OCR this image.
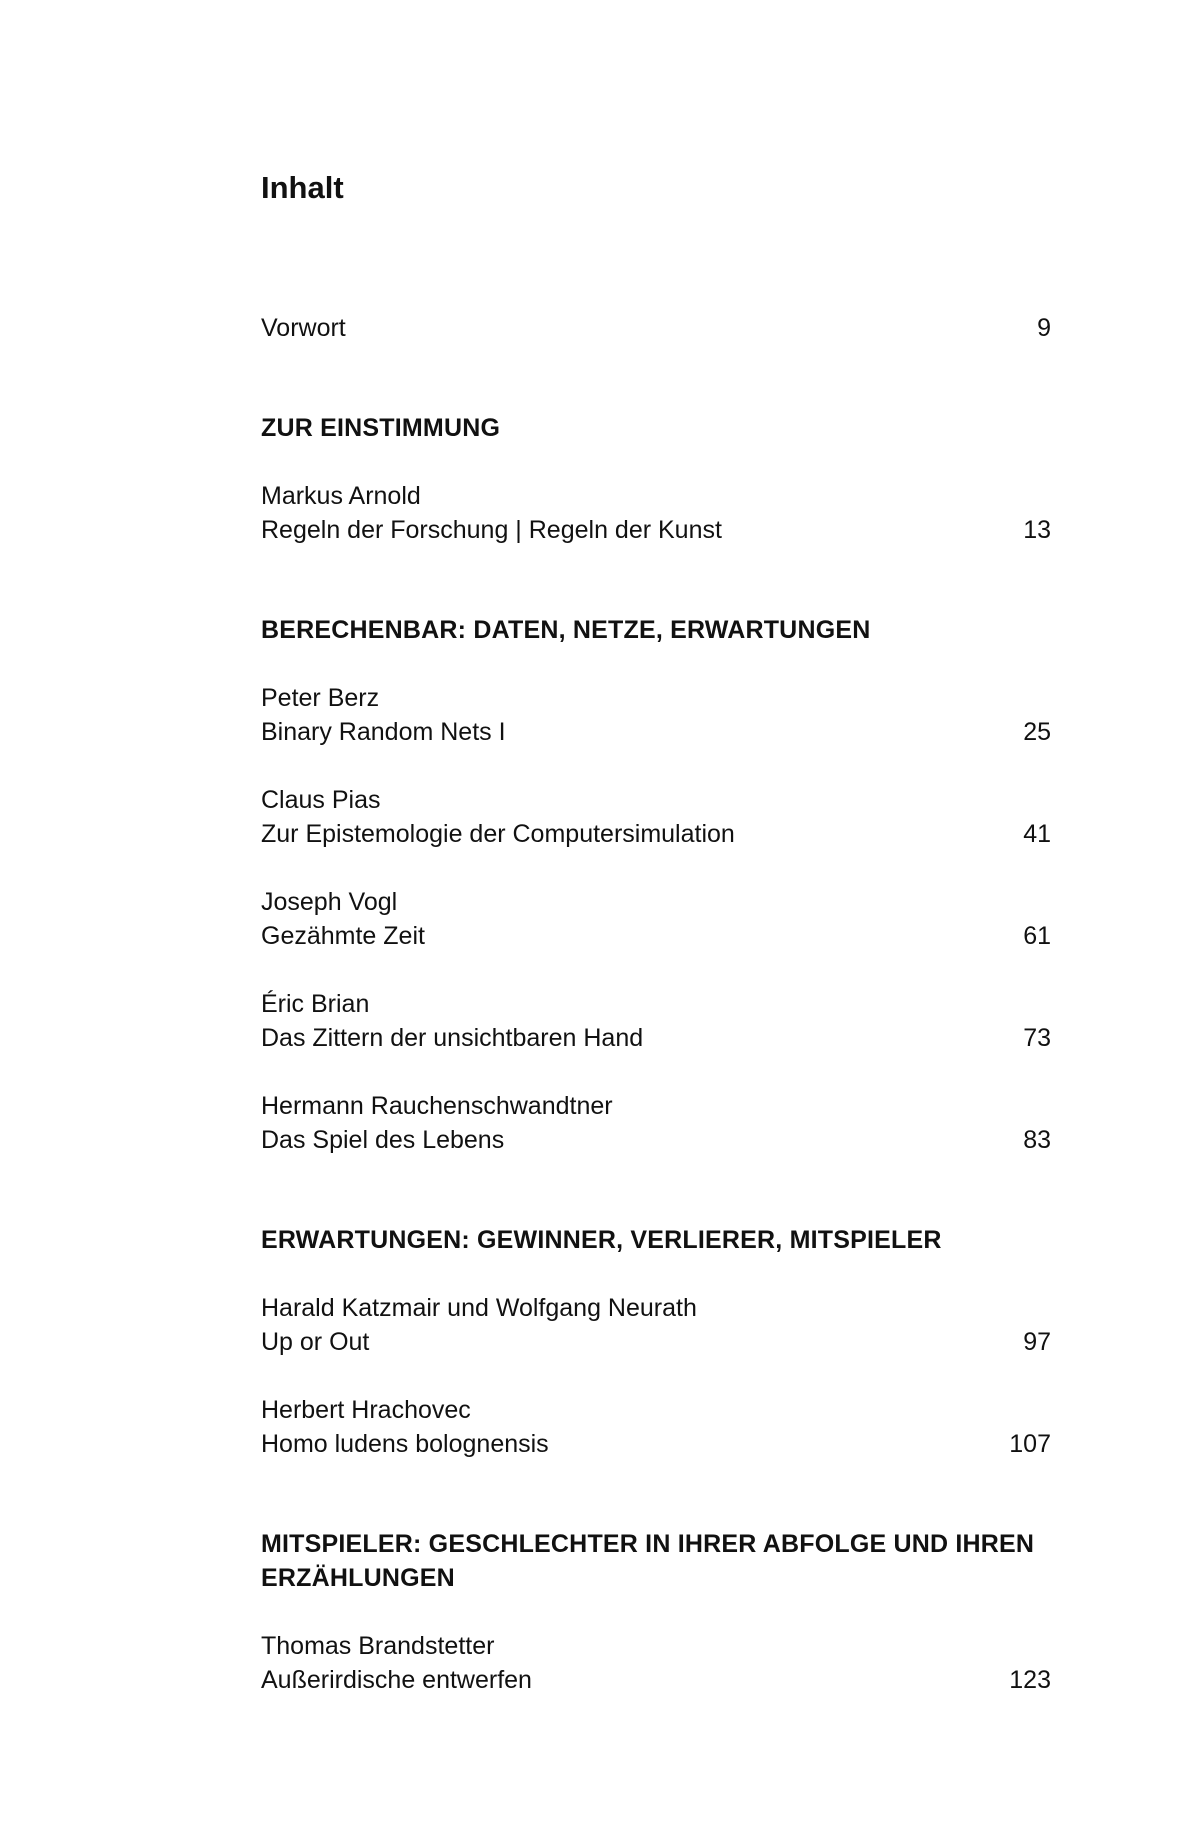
Inhalt
Vorwort	9
ZUR EINSTIMMUNG
Markus Arnold
Regeln der Forschung | Regeln der Kunst	13
BERECHENBAR: DATEN, NETZE, ERWARTUNGEN
Peter Berz
Binary Random Nets I	25
Claus Pias
Zur Epistemologie der Computersimulation	41
Joseph Vogl
Gezähmte Zeit	61
Éric Brian
Das Zittern der unsichtbaren Hand	73
Hermann Rauchenschwandtner
Das Spiel des Lebens	83
ERWARTUNGEN: GEWINNER, VERLIERER, MITSPIELER
Harald Katzmair und Wolfgang Neurath
Up or Out	97
Herbert Hrachovec
Homo ludens bolognensis	107
MITSPIELER: GESCHLECHTER IN IHRER ABFOLGE UND IHREN ERZÄHLUNGEN
Thomas Brandstetter
Außerirdische entwerfen	123
